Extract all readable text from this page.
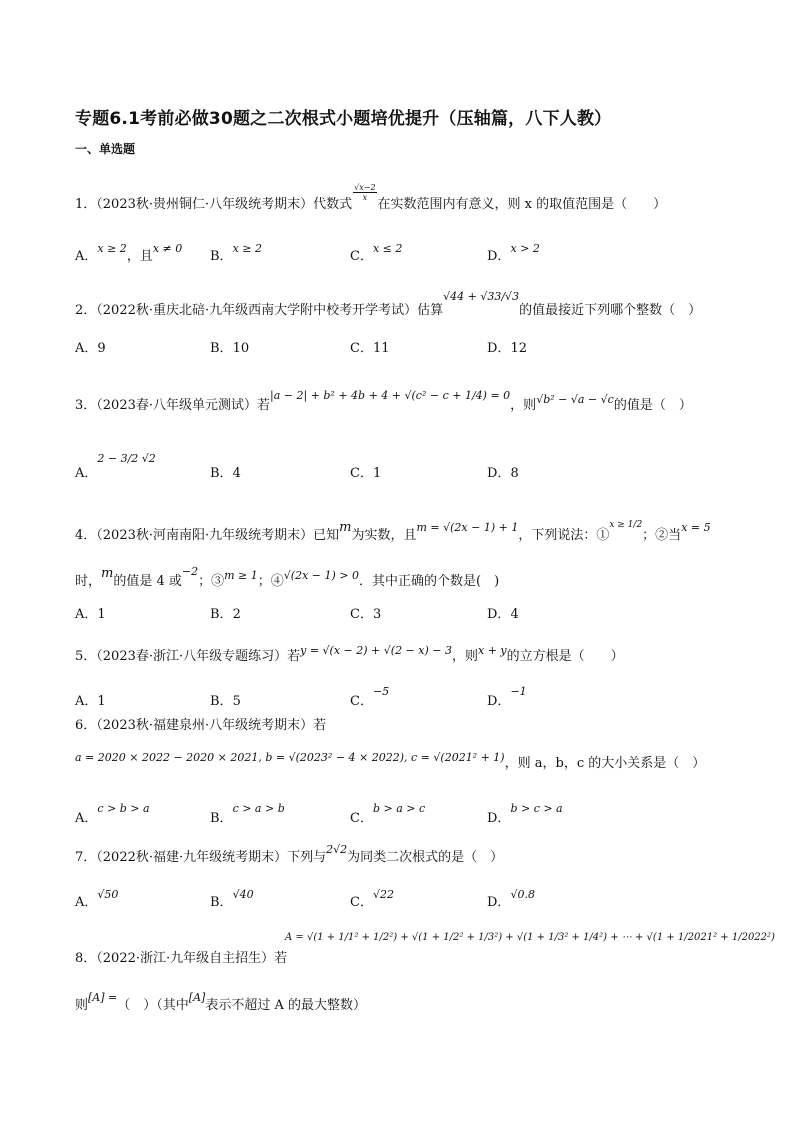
专题6.1考前必做30题之二次根式小题培优提升（压轴篇，八下人教）
一、单选题
1．（2023秋·贵州铜仁·八年级统考期末）代数式
$\frac{√x-2}{x}$
在实数范围内有意义，则 x 的取值范围是（　　）
A．x ≥ 2，且x ≠ 0
B．x ≥ 2
C．x ≤ 2
D．x > 2
2．（2022秋·重庆北碚·九年级西南大学附中校考开学考试）估算$^{√44 + √33/√3}$的值最接近下列哪个整数（　）
A．9	B．10	C．11	D．12
3．（2023春·八年级单元测试）若$^{|a - 2| + b^2 + 4b + 4 + √(c^2 - c + 1/4) = 0}$，则$^{√b^2 - √a - √c}$的值是（　）
A．2 − 3/2 √2
B．4	C．1	D．8
4．（2023秋·河南南阳·九年级统考期末）已知m为实数，且$^{m = √(2x - 1) + 1}$，下列说法：①$^{x \ge 1/2}$；②当$^{x = 5}$
时，m的值是 4 或$^{-2}$；③$^{m \ge 1}$；④$^{√(2x - 1) > 0}$．其中正确的个数是(　)
A．1	B．2	C．3	D．4
5．（2023春·浙江·八年级专题练习）若$^{y = √(x - 2) + √(2 - x) - 3}$，则$^{x + y}$的立方根是（　　）
A．1	B．5	C．−5
D．−1
6．（2023秋·福建泉州·八年级统考期末）若
$^{a = 2020 \times 2022 - 2020 \times 2021, b = √(2023^2 - 4 \times 2022), c = √(2021^2 + 1)}$，则 a，b，c 的大小关系是（　）
A．c > b > a
B．c > a > b
C．b > a > c
D．b > c > a
7．（2022秋·福建·九年级统考期末）下列与$^{2√2}$为同类二次根式的是（　）
A．√50
B．√40
C．√22
D．√0.8
8．（2022·浙江·九年级自主招生）若
A = √(1 + 1/1² + 1/2²) + √(1 + 1/2² + 1/3²) + √(1 + 1/3² + 1/4²) + ⋯ + √(1 + 1/2021² + 1/2022²)
则$^{[A] =}$（　）（其中[A]表示不超过 A 的最大整数）
